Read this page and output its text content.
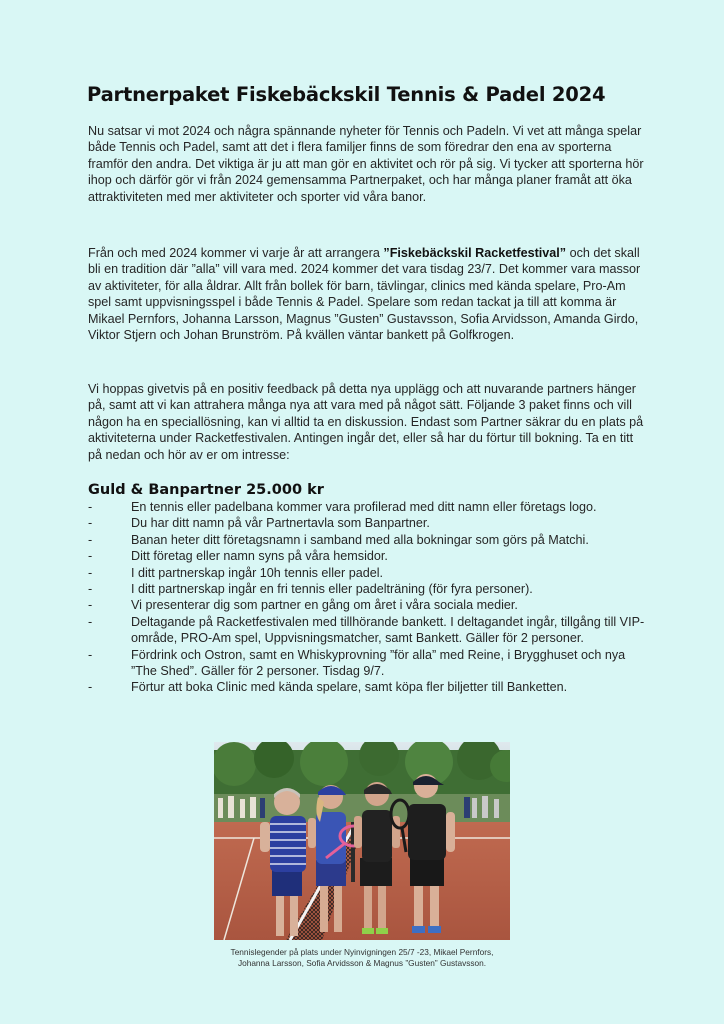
Partnerpaket Fiskebäckskil Tennis & Padel 2024

Nu satsar vi mot 2024 och några spännande nyheter för Tennis och Padeln. Vi vet att många spelar både Tennis och Padel, samt att det i flera familjer finns de som föredrar den ena av sporterna framför den andra. Det viktiga är ju att man gör en aktivitet och rör på sig. Vi tycker att sporterna hör ihop och därför gör vi från 2024 gemensamma Partnerpaket, och har många planer framåt att öka attraktiviteten med mer aktiviteter och sporter vid våra banor.

Från och med 2024 kommer vi varje år att arrangera ”Fiskebäckskil Racketfestival” och det skall bli en tradition där ”alla” vill vara med. 2024 kommer det vara tisdag 23/7. Det kommer vara massor av aktiviteter, för alla åldrar. Allt från bollek för barn, tävlingar, clinics med kända spelare, Pro-Am spel samt uppvisningsspel i både Tennis & Padel. Spelare som redan tackat ja till att komma är Mikael Pernfors, Johanna Larsson, Magnus ”Gusten” Gustavsson, Sofia Arvidsson, Amanda Girdo, Viktor Stjern och Johan Brunström. På kvällen väntar bankett på Golfkrogen.

Vi hoppas givetvis på en positiv feedback på detta nya upplägg och att nuvarande partners hänger på, samt att vi kan attrahera många nya att vara med på något sätt. Följande 3 paket finns och vill någon ha en speciallösning, kan vi alltid ta en diskussion. Endast som Partner säkrar du en plats på aktiviteterna under Racketfestivalen. Antingen ingår det, eller så har du förtur till bokning. Ta en titt på nedan och hör av er om intresse:

Guld & Banpartner 25.000 kr
-	En tennis eller padelbana kommer vara profilerad med ditt namn eller företags logo.
-	Du har ditt namn på vår Partnertavla som Banpartner.
-	Banan heter ditt företagsnamn i samband med alla bokningar som görs på Matchi.
-	Ditt företag eller namn syns på våra hemsidor.
-	I ditt partnerskap ingår 10h tennis eller padel.
-	I ditt partnerskap ingår en fri tennis eller padelträning (för fyra personer).
-	Vi presenterar dig som partner en gång om året i våra sociala medier.
-	Deltagande på Racketfestivalen med tillhörande bankett. I deltagandet ingår, tillgång till VIP-område, PRO-Am spel, Uppvisningsmatcher, samt Bankett. Gäller för 2 personer.
-	Fördrink och Ostron, samt en Whiskyprovning ”för alla” med Reine, i Brygghuset och nya ”The Shed”. Gäller för 2 personer. Tisdag 9/7.
-	Förtur att boka Clinic med kända spelare, samt köpa fler biljetter till Banketten.

Tennislegender på plats under Nyinvigningen 25/7 -23, Mikael Pernfors, Johanna Larsson, Sofia Arvidsson & Magnus ”Gusten” Gustavsson.
